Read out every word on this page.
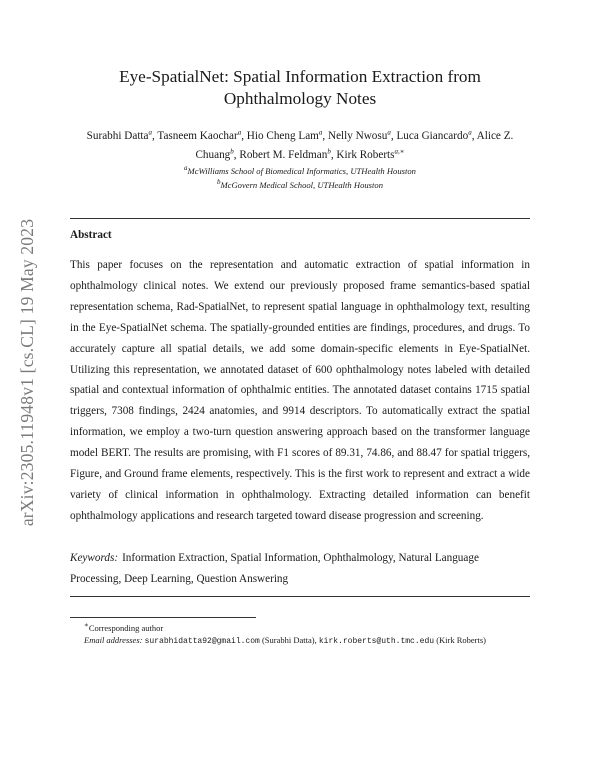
arXiv:2305.11948v1 [cs.CL] 19 May 2023
Eye-SpatialNet: Spatial Information Extraction from
Ophthalmology Notes
Surabhi Datta$^a$, Tasneem Kaochar$^a$, Hio Cheng Lam$^a$, Nelly Nwosu$^a$, Luca Giancardo$^a$, Alice Z. Chuang$^b$, Robert M. Feldman$^b$, Kirk Roberts$^{a,∗}$
$^a$McWilliams School of Biomedical Informatics, UTHealth Houston
$^b$McGovern Medical School, UTHealth Houston
Abstract

This paper focuses on the representation and automatic extraction of spatial information in ophthalmology clinical notes. We extend our previously proposed frame semantics-based spatial representation schema, Rad-SpatialNet, to represent spatial language in ophthalmology text, resulting in the Eye-SpatialNet schema. The spatially-grounded entities are findings, procedures, and drugs. To accurately capture all spatial details, we add some domain-specific elements in Eye-SpatialNet. Utilizing this representation, we annotated dataset of 600 ophthalmology notes labeled with detailed spatial and contextual information of ophthalmic entities. The annotated dataset contains 1715 spatial triggers, 7308 findings, 2424 anatomies, and 9914 descriptors. To automatically extract the spatial information, we employ a two-turn question answering approach based on the transformer language model BERT. The results are promising, with F1 scores of 89.31, 74.86, and 88.47 for spatial triggers, Figure, and Ground frame elements, respectively. This is the first work to represent and extract a wide variety of clinical information in ophthalmology. Extracting detailed information can benefit ophthalmology applications and research targeted toward disease progression and screening.

Keywords: Information Extraction, Spatial Information, Ophthalmology, Natural Language Processing, Deep Learning, Question Answering

∗Corresponding author
Email addresses: surabhidatta92@gmail.com (Surabhi Datta), kirk.roberts@uth.tmc.edu (Kirk Roberts)
